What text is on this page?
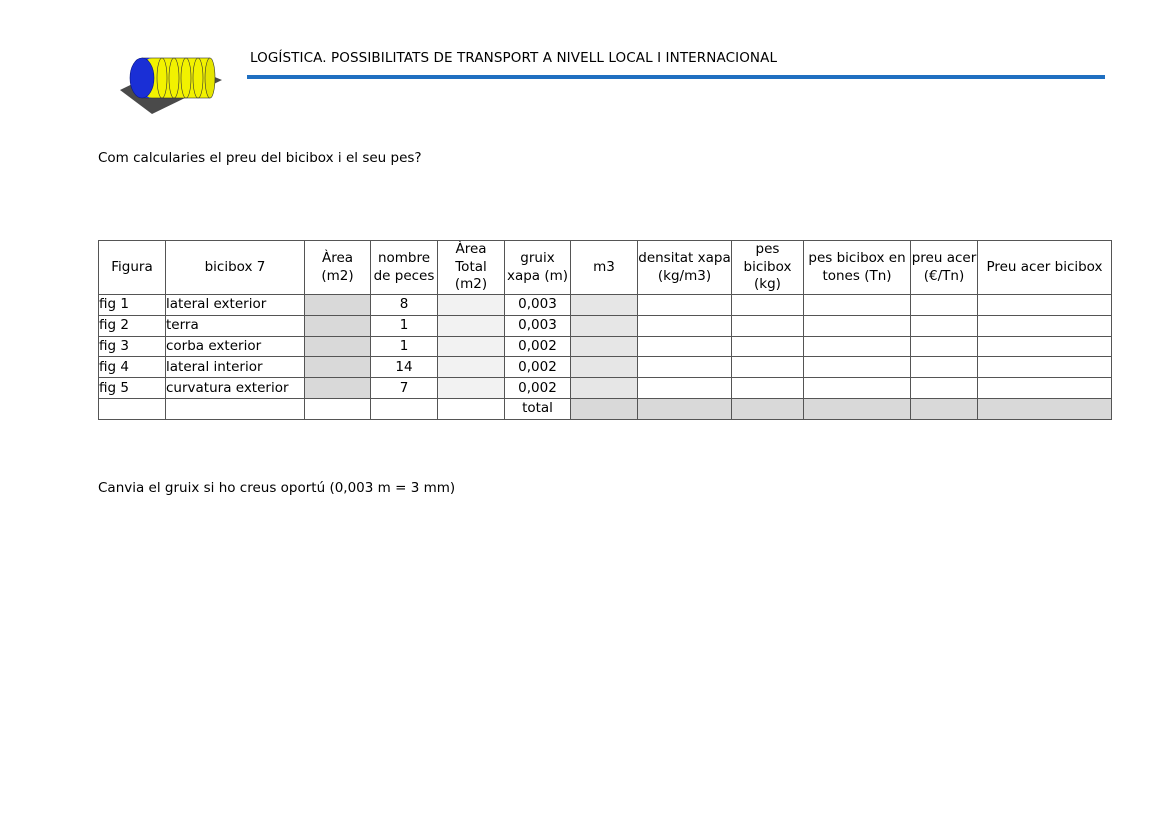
LOGÍSTICA. POSSIBILITATS DE TRANSPORT A NIVELL LOCAL I INTERNACIONAL
Com calcularies el preu del bicibox i el seu pes?
Figura	bicibox 7	Àrea (m2)	nombre de peces	Àrea Total (m2)	gruix xapa (m)	m3	densitat xapa (kg/m3)	pes bicibox (kg)	pes bicibox en tones (Tn)	preu acer (€/Tn)	Preu acer bicibox
fig 1	lateral exterior		8		0,003						
fig 2	terra		1		0,003						
fig 3	corba exterior		1		0,002						
fig 4	lateral interior		14		0,002						
fig 5	curvatura exterior		7		0,002						
					total						
Canvia el gruix si ho creus oportú (0,003 m = 3 mm)
